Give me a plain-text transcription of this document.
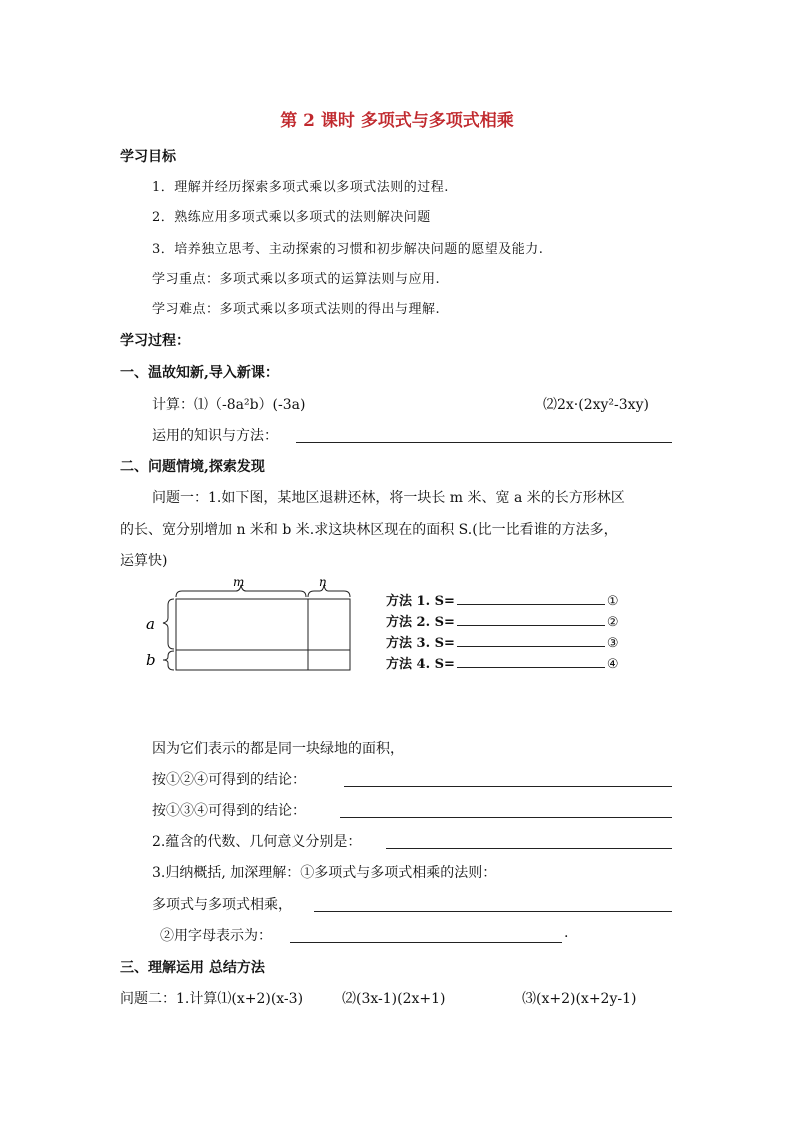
第 2 课时 多项式与多项式相乘
学习目标
1．理解并经历探索多项式乘以多项式法则的过程.
2．熟练应用多项式乘以多项式的法则解决问题
3．培养独立思考、主动探索的习惯和初步解决问题的愿望及能力.
学习重点：多项式乘以多项式的运算法则与应用.
学习难点：多项式乘以多项式法则的得出与理解.
学习过程：
一、温故知新,导入新课：
计算：⑴（-8a²b）(-3a)	⑵2x·(2xy²-3xy)
运用的知识与方法：
二、问题情境,探索发现
问题一：1.如下图，某地区退耕还林，将一块长 m 米、宽 a 米的长方形林区
的长、宽分别增加 n 米和 b 米.求这块林区现在的面积 S.(比一比看谁的方法多，
运算快)
m	n
a
b
方法 1. S=	①
方法 2. S=	②
方法 3. S=	③
方法 4. S=	④
因为它们表示的都是同一块绿地的面积，
按①②④可得到的结论：
按①③④可得到的结论：
2.蕴含的代数、几何意义分别是：
3.归纳概括, 加深理解：①多项式与多项式相乘的法则：
多项式与多项式相乘，
②用字母表示为：	.
三、理解运用 总结方法
问题二：1.计算⑴(x+2)(x-3)	⑵(3x-1)(2x+1)	⑶(x+2)(x+2y-1)
